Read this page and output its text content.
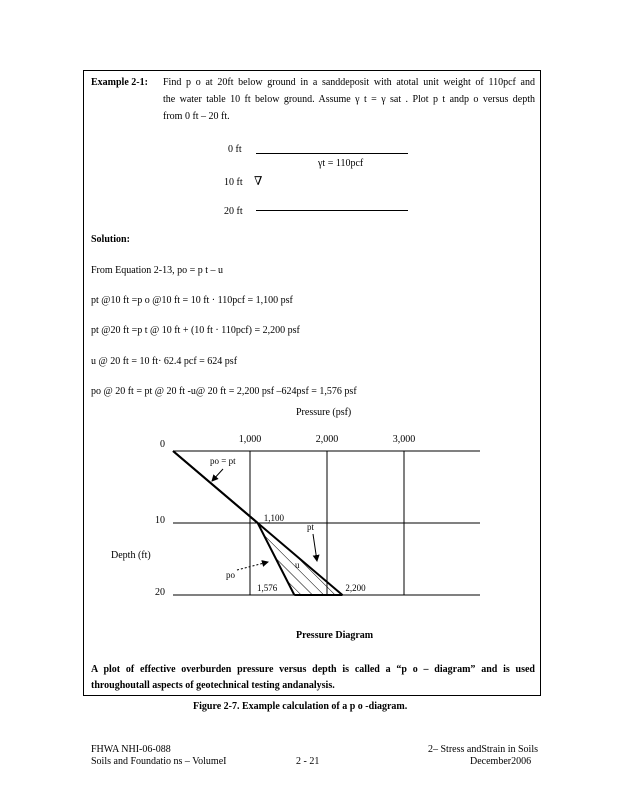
Example 2-1: Find p o at 20ft below ground in a sanddeposit with atotal unit weight of 110pcf and
the water table 10 ft below ground. Assume γ t = γ sat . Plot p t andp o versus depth
from 0 ft – 20 ft.
0 ft
γt = 110pcf
10 ft ∇
20 ft
Solution:
From Equation 2-13, po = p t – u
pt @10 ft =p o @10 ft = 10 ft · 110pcf = 1,100 psf
pt @20 ft =p t @ 10 ft + (10 ft · 110pcf) = 2,200 psf
u @ 20 ft = 10 ft· 62.4 pcf = 624 psf
po @ 20 ft = pt @ 20 ft -u@ 20 ft = 2,200 psf –624psf = 1,576 psf
Pressure (psf)
Depth (ft)
1,000	2,000	3,000
0
10
20
po = pt
pt
u
po
1,100
1,576	2,200
Pressure Diagram
A plot of effective overburden pressure versus depth is called a “p o – diagram” and is used
throughoutall aspects of geotechnical testing andanalysis.
Figure 2-7. Example calculation of a p o -diagram.
FHWA NHI-06-088
Soils and Foundatio ns – VolumeI	2 - 21
2– Stress andStrain in Soils
December2006
